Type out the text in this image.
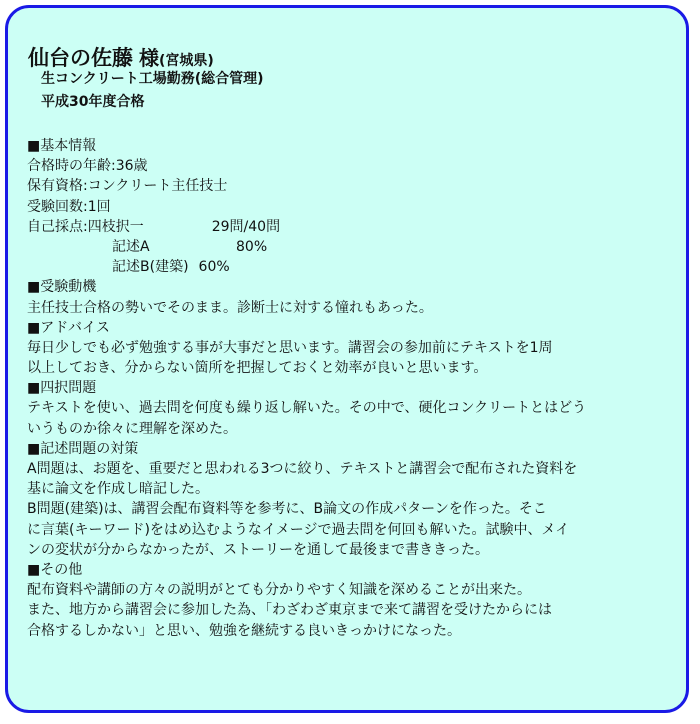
仙台の佐藤 様(宮城県)
生コンクリート工場勤務(総合管理)
平成30年度合格
■ 基本情報
合格時の年齢:36歳
保有資格:コンクリート主任技士
受験回数:1回
自己採点: 四枝択一	29問/40問
記述A	80%
記述B(建築) 60%
■ 受験動機
主任技士合格の勢いでそのまま。診断士に対する憧れもあった。
■ アドバイス
毎日少しでも必ず勉強する事が大事だと思います。講習会の参加前にテキストを1周
以上しておき、分からない箇所を把握しておくと効率が良いと思います。
■ 四択問題
テキストを使い、過去問を何度も繰り返し解いた。その中で、硬化コンクリートとはどう
いうものか徐々に理解を深めた。
■ 記述問題の対策
A問題は、お題を、重要だと思われる3つに絞り、テキストと講習会で配布された資料を
基に論文を作成し暗記した。
B問題(建築)は、講習会配布資料等を参考に、B論文の作成パターンを作った。そこ
に言葉(キーワード)をはめ込むようなイメージで過去問を何回も解いた。試験中、メイ
ンの変状が分からなかったが、ストーリーを通して最後まで書ききった。
■ その他
配布資料や講師の方々の説明がとても分かりやすく知識を深めることが出来た。
また、地方から講習会に参加した為、「わざわざ東京まで来て講習を受けたからには
合格するしかない」と思い、勉強を継続する良いきっかけになった。
